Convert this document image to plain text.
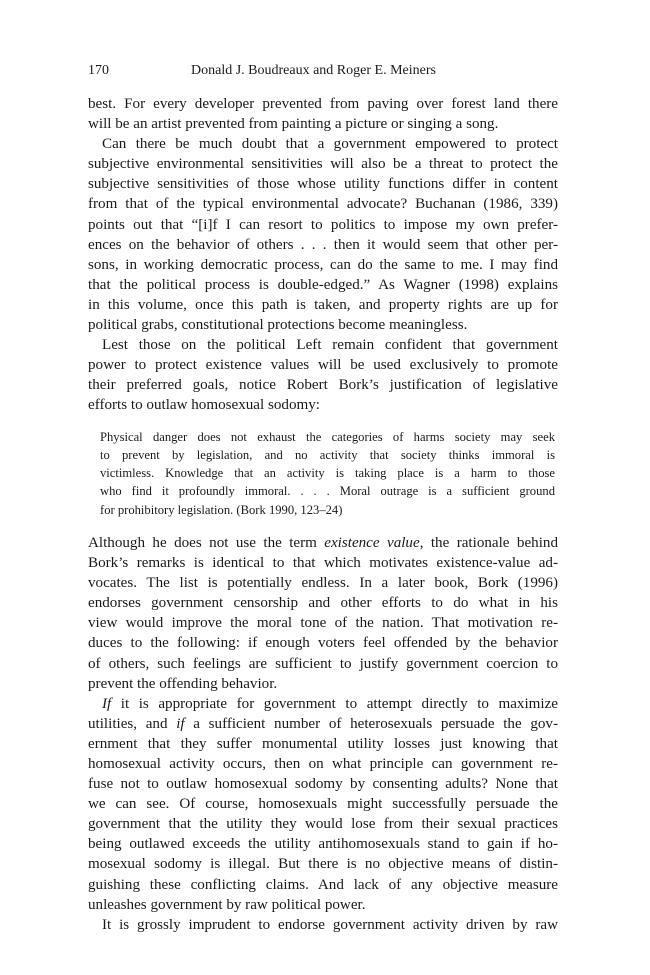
170	Donald J. Boudreaux and Roger E. Meiners

best. For every developer prevented from paving over forest land there
will be an artist prevented from painting a picture or singing a song.

Can there be much doubt that a government empowered to protect
subjective environmental sensitivities will also be a threat to protect the
subjective sensitivities of those whose utility functions differ in content
from that of the typical environmental advocate? Buchanan (1986, 339)
points out that “[i]f I can resort to politics to impose my own prefer-
ences on the behavior of others . . . then it would seem that other per-
sons, in working democratic process, can do the same to me. I may find
that the political process is double-edged.” As Wagner (1998) explains
in this volume, once this path is taken, and property rights are up for
political grabs, constitutional protections become meaningless.

Lest those on the political Left remain confident that government
power to protect existence values will be used exclusively to promote
their preferred goals, notice Robert Bork’s justification of legislative
efforts to outlaw homosexual sodomy:

Physical danger does not exhaust the categories of harms society may seek
to prevent by legislation, and no activity that society thinks immoral is
victimless. Knowledge that an activity is taking place is a harm to those
who find it profoundly immoral. . . . Moral outrage is a sufficient ground
for prohibitory legislation. (Bork 1990, 123–24)

Although he does not use the term existence value, the rationale behind
Bork’s remarks is identical to that which motivates existence-value ad-
vocates. The list is potentially endless. In a later book, Bork (1996)
endorses government censorship and other efforts to do what in his
view would improve the moral tone of the nation. That motivation re-
duces to the following: if enough voters feel offended by the behavior
of others, such feelings are sufficient to justify government coercion to
prevent the offending behavior.

If it is appropriate for government to attempt directly to maximize
utilities, and if a sufficient number of heterosexuals persuade the gov-
ernment that they suffer monumental utility losses just knowing that
homosexual activity occurs, then on what principle can government re-
fuse not to outlaw homosexual sodomy by consenting adults? None that
we can see. Of course, homosexuals might successfully persuade the
government that the utility they would lose from their sexual practices
being outlawed exceeds the utility antihomosexuals stand to gain if ho-
mosexual sodomy is illegal. But there is no objective means of distin-
guishing these conflicting claims. And lack of any objective measure
unleashes government by raw political power.

It is grossly imprudent to endorse government activity driven by raw
